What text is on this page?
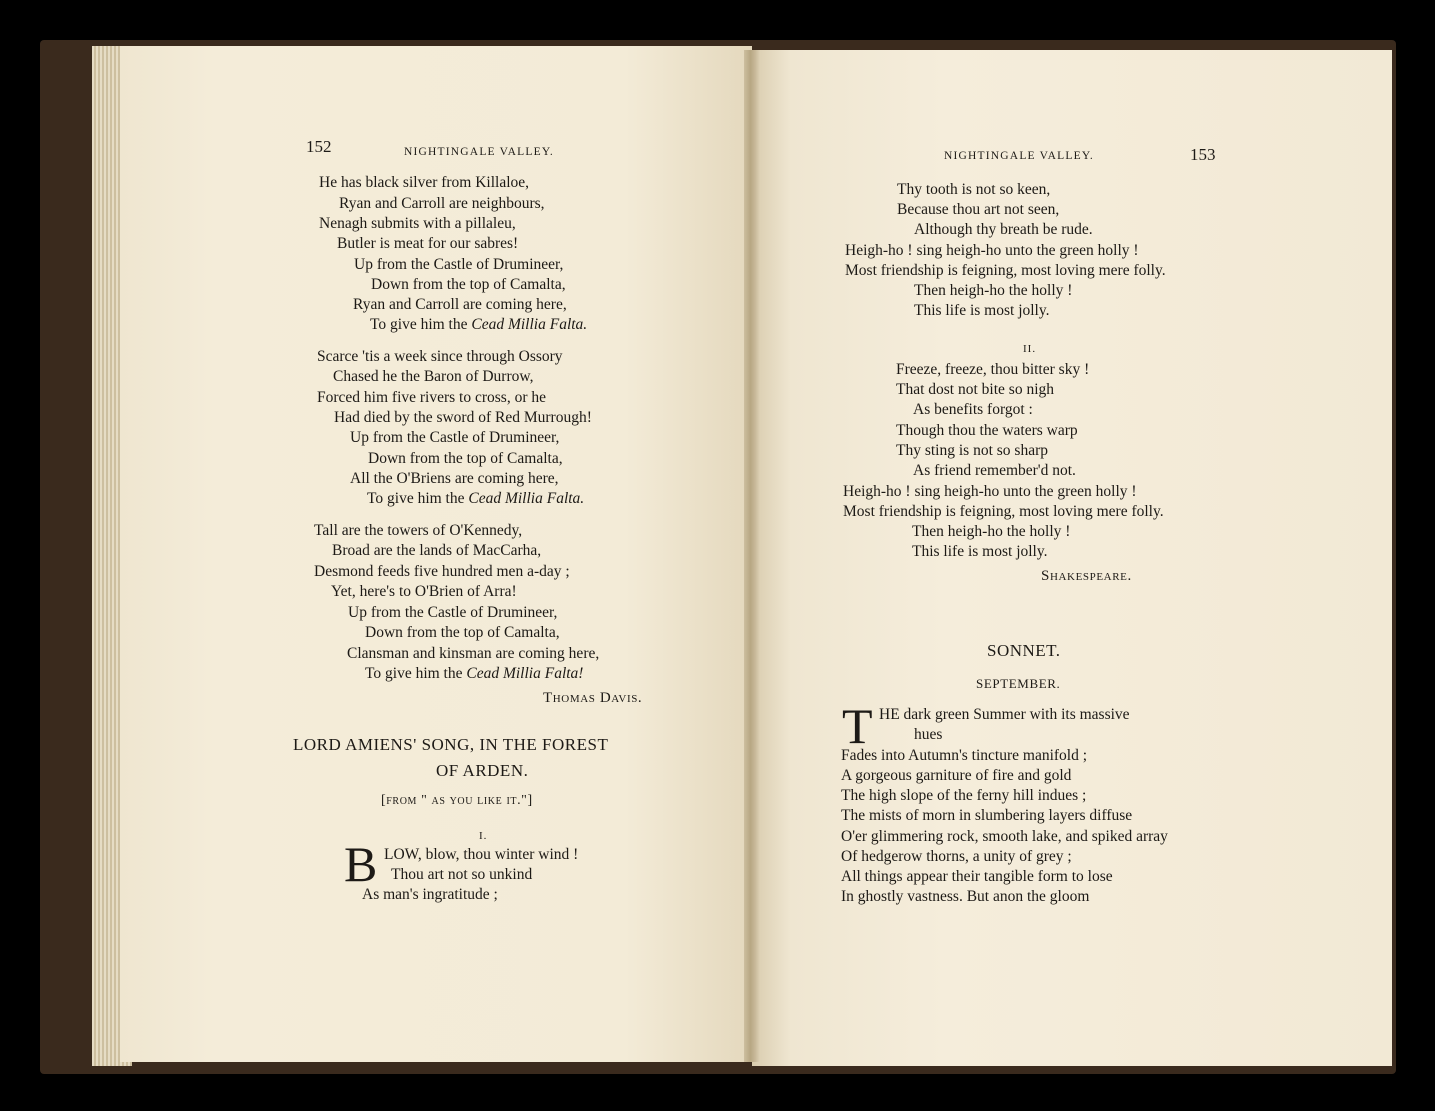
152	NIGHTINGALE VALLEY.
He has black silver from Killaloe,
Ryan and Carroll are neighbours,
Nenagh submits with a pillaleu,
Butler is meat for our sabres!
Up from the Castle of Drumineer,
Down from the top of Camalta,
Ryan and Carroll are coming here,
To give him the Cead Millia Falta.
Scarce 'tis a week since through Ossory
Chased he the Baron of Durrow,
Forced him five rivers to cross, or he
Had died by the sword of Red Murrough!
Up from the Castle of Drumineer,
Down from the top of Camalta,
All the O'Briens are coming here,
To give him the Cead Millia Falta.
Tall are the towers of O'Kennedy,
Broad are the lands of MacCarha,
Desmond feeds five hundred men a-day ;
Yet, here's to O'Brien of Arra!
Up from the Castle of Drumineer,
Down from the top of Camalta,
Clansman and kinsman are coming here,
To give him the Cead Millia Falta!
Thomas Davis.
LORD AMIENS' SONG, IN THE FOREST
OF ARDEN.
[from " as you like it."]
I.
B LOW, blow, thou winter wind !
Thou art not so unkind
As man's ingratitude ;
NIGHTINGALE VALLEY.	153
Thy tooth is not so keen,
Because thou art not seen,
Although thy breath be rude.
Heigh-ho ! sing heigh-ho unto the green holly !
Most friendship is feigning, most loving mere folly.
Then heigh-ho the holly !
This life is most jolly.
Freeze, freeze, thou bitter sky !
That dost not bite so nigh
As benefits forgot :
Though thou the waters warp
Thy sting is not so sharp
As friend remember'd not.
Heigh-ho ! sing heigh-ho unto the green holly !
Most friendship is feigning, most loving mere folly.
Then heigh-ho the holly !
This life is most jolly.
II.
Shakespeare.
SONNET.
SEPTEMBER.
T HE dark green Summer with its massive
hues
Fades into Autumn's tincture manifold ;
A gorgeous garniture of fire and gold
The high slope of the ferny hill indues ;
The mists of morn in slumbering layers diffuse
O'er glimmering rock, smooth lake, and spiked array
Of hedgerow thorns, a unity of grey ;
All things appear their tangible form to lose
In ghostly vastness. But anon the gloom
